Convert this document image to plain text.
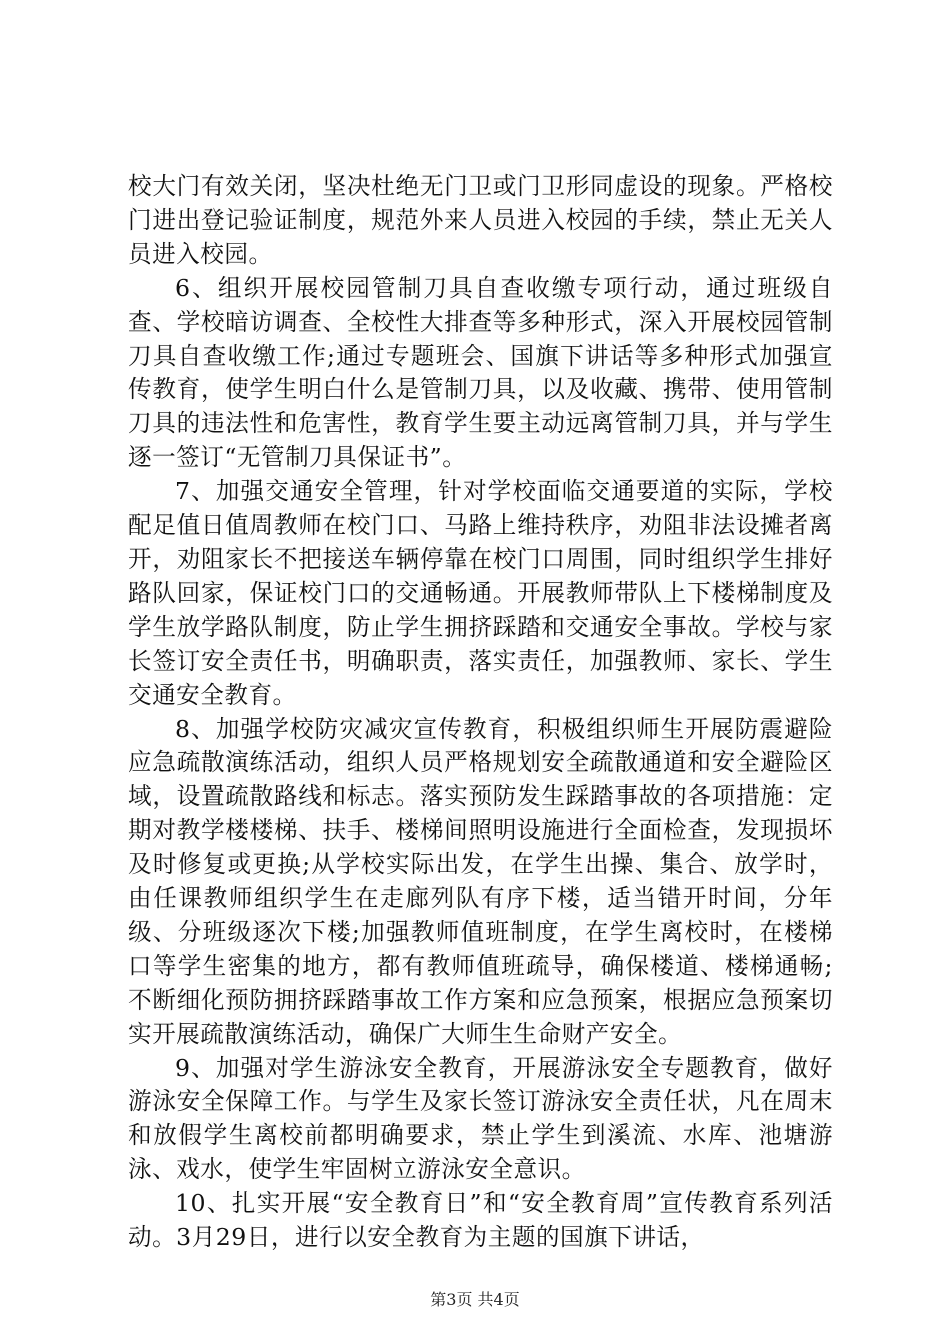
校大门有效关闭，坚决杜绝无门卫或门卫形同虚设的现象。严格校门进出登记验证制度，规范外来人员进入校园的手续，禁止无关人员进入校园。

6、组织开展校园管制刀具自查收缴专项行动，通过班级自查、学校暗访调查、全校性大排查等多种形式，深入开展校园管制刀具自查收缴工作;通过专题班会、国旗下讲话等多种形式加强宣传教育，使学生明白什么是管制刀具，以及收藏、携带、使用管制刀具的违法性和危害性，教育学生要主动远离管制刀具，并与学生逐一签订“无管制刀具保证书”。

7、加强交通安全管理，针对学校面临交通要道的实际，学校配足值日值周教师在校门口、马路上维持秩序，劝阻非法设摊者离开，劝阻家长不把接送车辆停靠在校门口周围，同时组织学生排好路队回家，保证校门口的交通畅通。开展教师带队上下楼梯制度及学生放学路队制度，防止学生拥挤踩踏和交通安全事故。学校与家长签订安全责任书，明确职责，落实责任，加强教师、家长、学生交通安全教育。

8、加强学校防灾减灾宣传教育，积极组织师生开展防震避险应急疏散演练活动，组织人员严格规划安全疏散通道和安全避险区域，设置疏散路线和标志。落实预防发生踩踏事故的各项措施：定期对教学楼楼梯、扶手、楼梯间照明设施进行全面检查，发现损坏及时修复或更换;从学校实际出发，在学生出操、集合、放学时，由任课教师组织学生在走廊列队有序下楼，适当错开时间，分年级、分班级逐次下楼;加强教师值班制度，在学生离校时，在楼梯口等学生密集的地方，都有教师值班疏导，确保楼道、楼梯通畅;不断细化预防拥挤踩踏事故工作方案和应急预案，根据应急预案切实开展疏散演练活动，确保广大师生生命财产安全。

9、加强对学生游泳安全教育，开展游泳安全专题教育，做好游泳安全保障工作。与学生及家长签订游泳安全责任状，凡在周末和放假学生离校前都明确要求，禁止学生到溪流、水库、池塘游泳、戏水，使学生牢固树立游泳安全意识。

10、扎实开展“安全教育日”和“安全教育周”宣传教育系列活动。3月29日，进行以安全教育为主题的国旗下讲话，

第3页 共4页
